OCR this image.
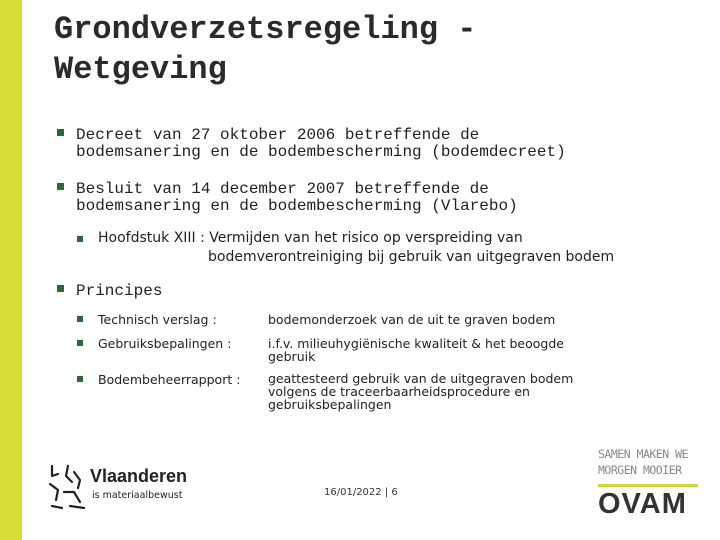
Grondverzetsregeling -
Wetgeving
Decreet van 27 oktober 2006 betreffende de
bodemsanering en de bodembescherming (bodemdecreet)
Besluit van 14 december 2007 betreffende de
bodemsanering en de bodembescherming (Vlarebo)
Hoofdstuk XIII : Vermijden van het risico op verspreiding van
bodemverontreiniging bij gebruik van uitgegraven bodem
Principes
Technisch verslag :	bodemonderzoek van de uit te graven bodem
Gebruiksbepalingen :	i.f.v. milieuhygiënische kwaliteit & het beoogde
gebruik
Bodembeheerrapport : geattesteerd gebruik van de uitgegraven bodem
volgens de traceerbaarheidsprocedure en
gebruiksbepalingen
Vlaanderen
is materiaalbewust	16/01/2022 | 6
SAMEN MAKEN WE
MORGEN MOOIER
OVAM
